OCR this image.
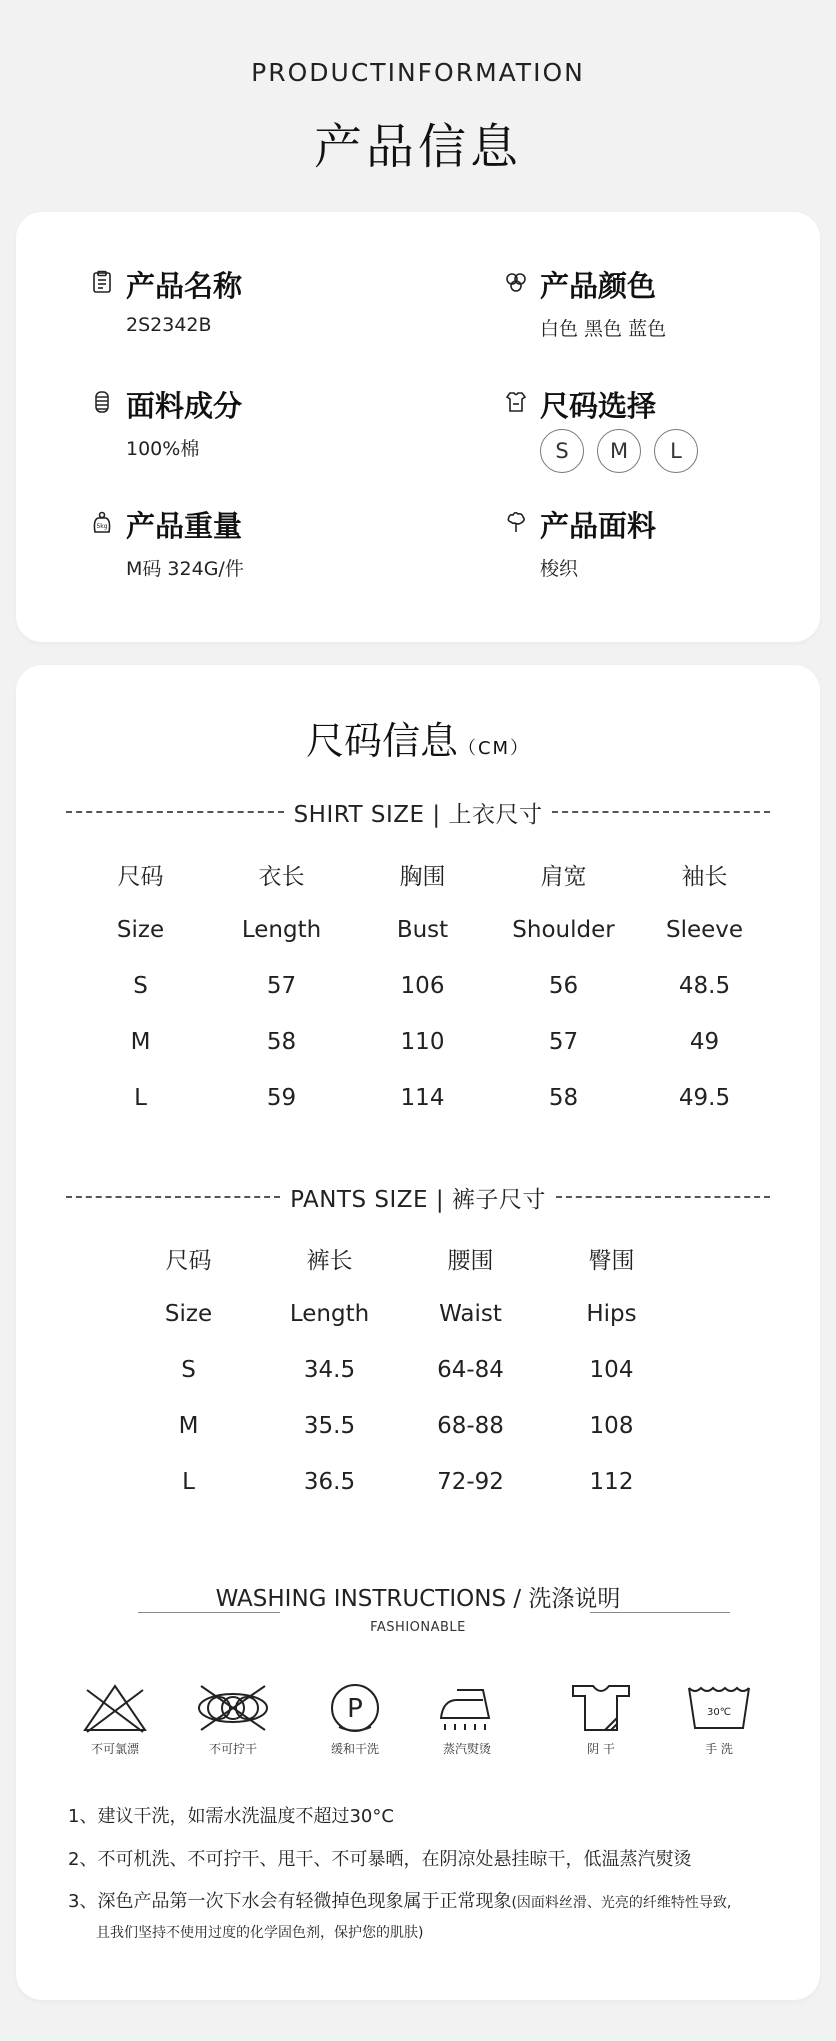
PRODUCTINFORMATION
产品信息
产品名称
2S2342B
产品颜色
白色 黑色 蓝色
面料成分
100%棉
尺码选择
S	M	L
5kg 产品重量
M码 324G/件
产品面料
梭织
尺码信息（CM）
SHIRT SIZE | 上衣尺寸
尺码	衣长	胸围	肩宽	袖长
Size	Length	Bust	Shoulder	Sleeve
S	57	106	56	48.5
M	58	110	57	49
L	59	114	58	49.5
PANTS SIZE | 裤子尺寸
尺码	裤长	腰围	臀围
Size	Length	Waist	Hips
S	34.5	64-84	104
M	35.5	68-88	108
L	36.5	72-92	112
WASHING INSTRUCTIONS / 洗涤说明
FASHIONABLE
不可氯漂	不可拧干
P
缓和干洗	蒸汽熨烫	阴 干
30℃
手 洗
1、建议干洗，如需水洗温度不超过30°C
2、不可机洗、不可拧干、甩干、不可暴晒，在阴凉处悬挂晾干，低温蒸汽熨烫
3、深色产品第一次下水会有轻微掉色现象属于正常现象(因面料丝滑、光亮的纤维特性导致,
且我们坚持不使用过度的化学固色剂，保护您的肌肤)
